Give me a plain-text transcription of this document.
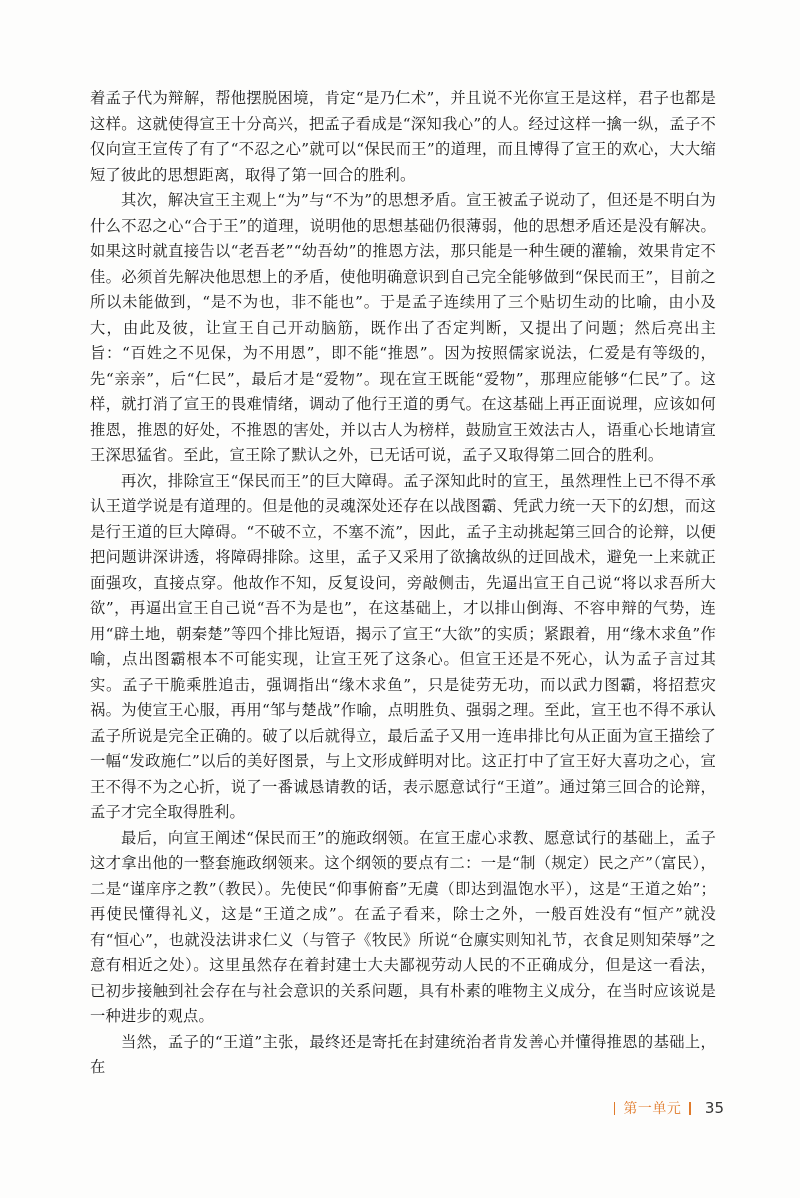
着孟子代为辩解，帮他摆脱困境，肯定“是乃仁术”，并且说不光你宣王是这样，君子也都是这样。这就使得宣王十分高兴，把孟子看成是“深知我心”的人。经过这样一擒一纵，孟子不仅向宣王宣传了有了“不忍之心”就可以“保民而王”的道理，而且博得了宣王的欢心，大大缩短了彼此的思想距离，取得了第一回合的胜利。

其次，解决宣王主观上“为”与“不为”的思想矛盾。宣王被孟子说动了，但还是不明白为什么不忍之心“合于王”的道理，说明他的思想基础仍很薄弱，他的思想矛盾还是没有解决。如果这时就直接告以“老吾老”“幼吾幼”的推恩方法，那只能是一种生硬的灌输，效果肯定不佳。必须首先解决他思想上的矛盾，使他明确意识到自己完全能够做到“保民而王”，目前之所以未能做到，“是不为也，非不能也”。于是孟子连续用了三个贴切生动的比喻，由小及大，由此及彼，让宣王自己开动脑筋，既作出了否定判断，又提出了问题；然后亮出主旨：“百姓之不见保，为不用恩”，即不能“推恩”。因为按照儒家说法，仁爱是有等级的，先“亲亲”，后“仁民”，最后才是“爱物”。现在宣王既能“爱物”，那理应能够“仁民”了。这样，就打消了宣王的畏难情绪，调动了他行王道的勇气。在这基础上再正面说理，应该如何推恩，推恩的好处，不推恩的害处，并以古人为榜样，鼓励宣王效法古人，语重心长地请宣王深思猛省。至此，宣王除了默认之外，已无话可说，孟子又取得第二回合的胜利。

再次，排除宣王“保民而王”的巨大障碍。孟子深知此时的宣王，虽然理性上已不得不承认王道学说是有道理的。但是他的灵魂深处还存在以战图霸、凭武力统一天下的幻想，而这是行王道的巨大障碍。“不破不立，不塞不流”，因此，孟子主动挑起第三回合的论辩，以便把问题讲深讲透，将障碍排除。这里，孟子又采用了欲擒故纵的迂回战术，避免一上来就正面强攻，直接点穿。他故作不知，反复设问，旁敲侧击，先逼出宣王自己说“将以求吾所大欲”，再逼出宣王自己说“吾不为是也”，在这基础上，才以排山倒海、不容申辩的气势，连用“辟土地，朝秦楚”等四个排比短语，揭示了宣王“大欲”的实质；紧跟着，用“缘木求鱼”作喻，点出图霸根本不可能实现，让宣王死了这条心。但宣王还是不死心，认为孟子言过其实。孟子干脆乘胜追击，强调指出“缘木求鱼”，只是徒劳无功，而以武力图霸，将招惹灾祸。为使宣王心服，再用“邹与楚战”作喻，点明胜负、强弱之理。至此，宣王也不得不承认孟子所说是完全正确的。破了以后就得立，最后孟子又用一连串排比句从正面为宣王描绘了一幅“发政施仁”以后的美好图景，与上文形成鲜明对比。这正打中了宣王好大喜功之心，宣王不得不为之心折，说了一番诚恳请教的话，表示愿意试行“王道”。通过第三回合的论辩，孟子才完全取得胜利。

最后，向宣王阐述“保民而王”的施政纲领。在宣王虚心求教、愿意试行的基础上，孟子这才拿出他的一整套施政纲领来。这个纲领的要点有二：一是“制（规定）民之产”（富民），二是“谨庠序之教”（教民）。先使民“仰事俯畜”无虞（即达到温饱水平），这是“王道之始”；再使民懂得礼义，这是“王道之成”。在孟子看来，除士之外，一般百姓没有“恒产”就没有“恒心”，也就没法讲求仁义（与管子《牧民》所说“仓廪实则知礼节，衣食足则知荣辱”之意有相近之处）。这里虽然存在着封建士大夫鄙视劳动人民的不正确成分，但是这一看法，已初步接触到社会存在与社会意识的关系问题，具有朴素的唯物主义成分，在当时应该说是一种进步的观点。

当然，孟子的“王道”主张，最终还是寄托在封建统治者肯发善心并懂得推恩的基础上，在

第一单元 35
